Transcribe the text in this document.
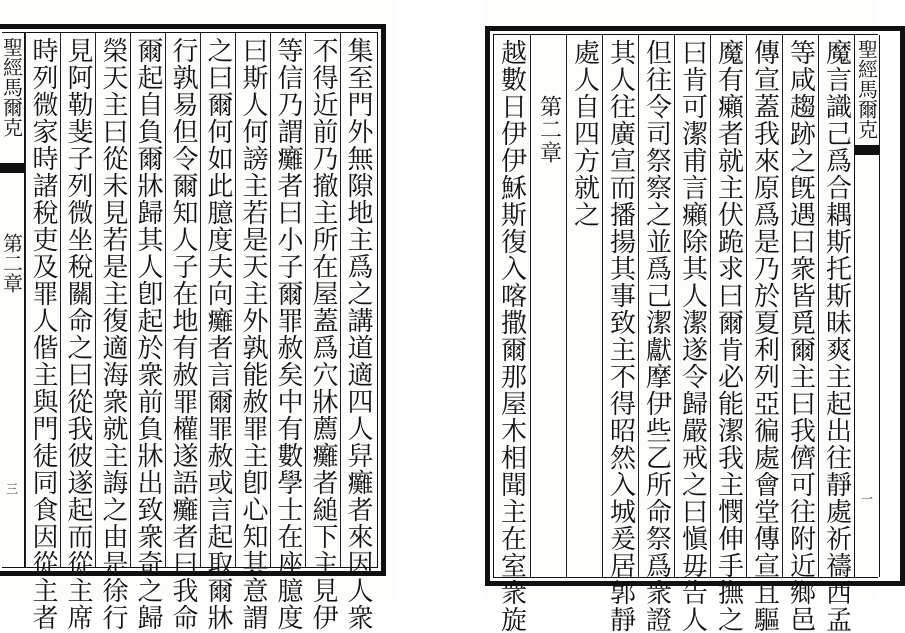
聖經馬爾克
第二章
三 時列微家時諸稅吏及罪人偕主與門徒同食因從主者 見阿勒斐子列微坐稅關命之曰從我彼遂起而從主席 榮天主曰從未見若是主復適海衆就主誨之由是徐行 爾起自負爾牀歸其人卽起於衆前負牀出致衆奇之歸 行孰易但令爾知人子在地有赦罪權遂語癱者曰我命 之曰爾何如此臆度夫向癱者言爾罪赦或言起取爾牀 曰斯人何謗主若是天主外孰能赦罪主卽心知其意謂 等信乃謂癱者曰小子爾罪赦矣中有數學士在座臆度 不得近前乃撤主所在屋蓋爲穴牀薦癱者縋下主見伊 集至門外無隙地主爲之講道適四人舁癱者來因人衆	越數日伊伊穌斯復入喀撒爾那屋木相聞主在室衆旋 第二章 處人自四方就之 其人往廣宣而播揚其事致主不得昭然入城爰居郭靜 但往令司祭察之並爲己潔獻摩伊些乙所命祭爲衆證 曰肯可潔甫言癩除其人潔遂令歸嚴戒之曰愼毋告人 魔有癩者就主伏跪求曰爾肯必能潔我主憫伸手撫之 傳宣蓋我來原爲是乃於夏利列亞徧處會堂傳宣且驅 等咸趨跡之旣遇曰衆皆覓爾主曰我儕可往附近鄉邑 魔言識己爲合耦斯托斯昧爽主起出往靜處祈禱西孟 聖經馬爾克
一
